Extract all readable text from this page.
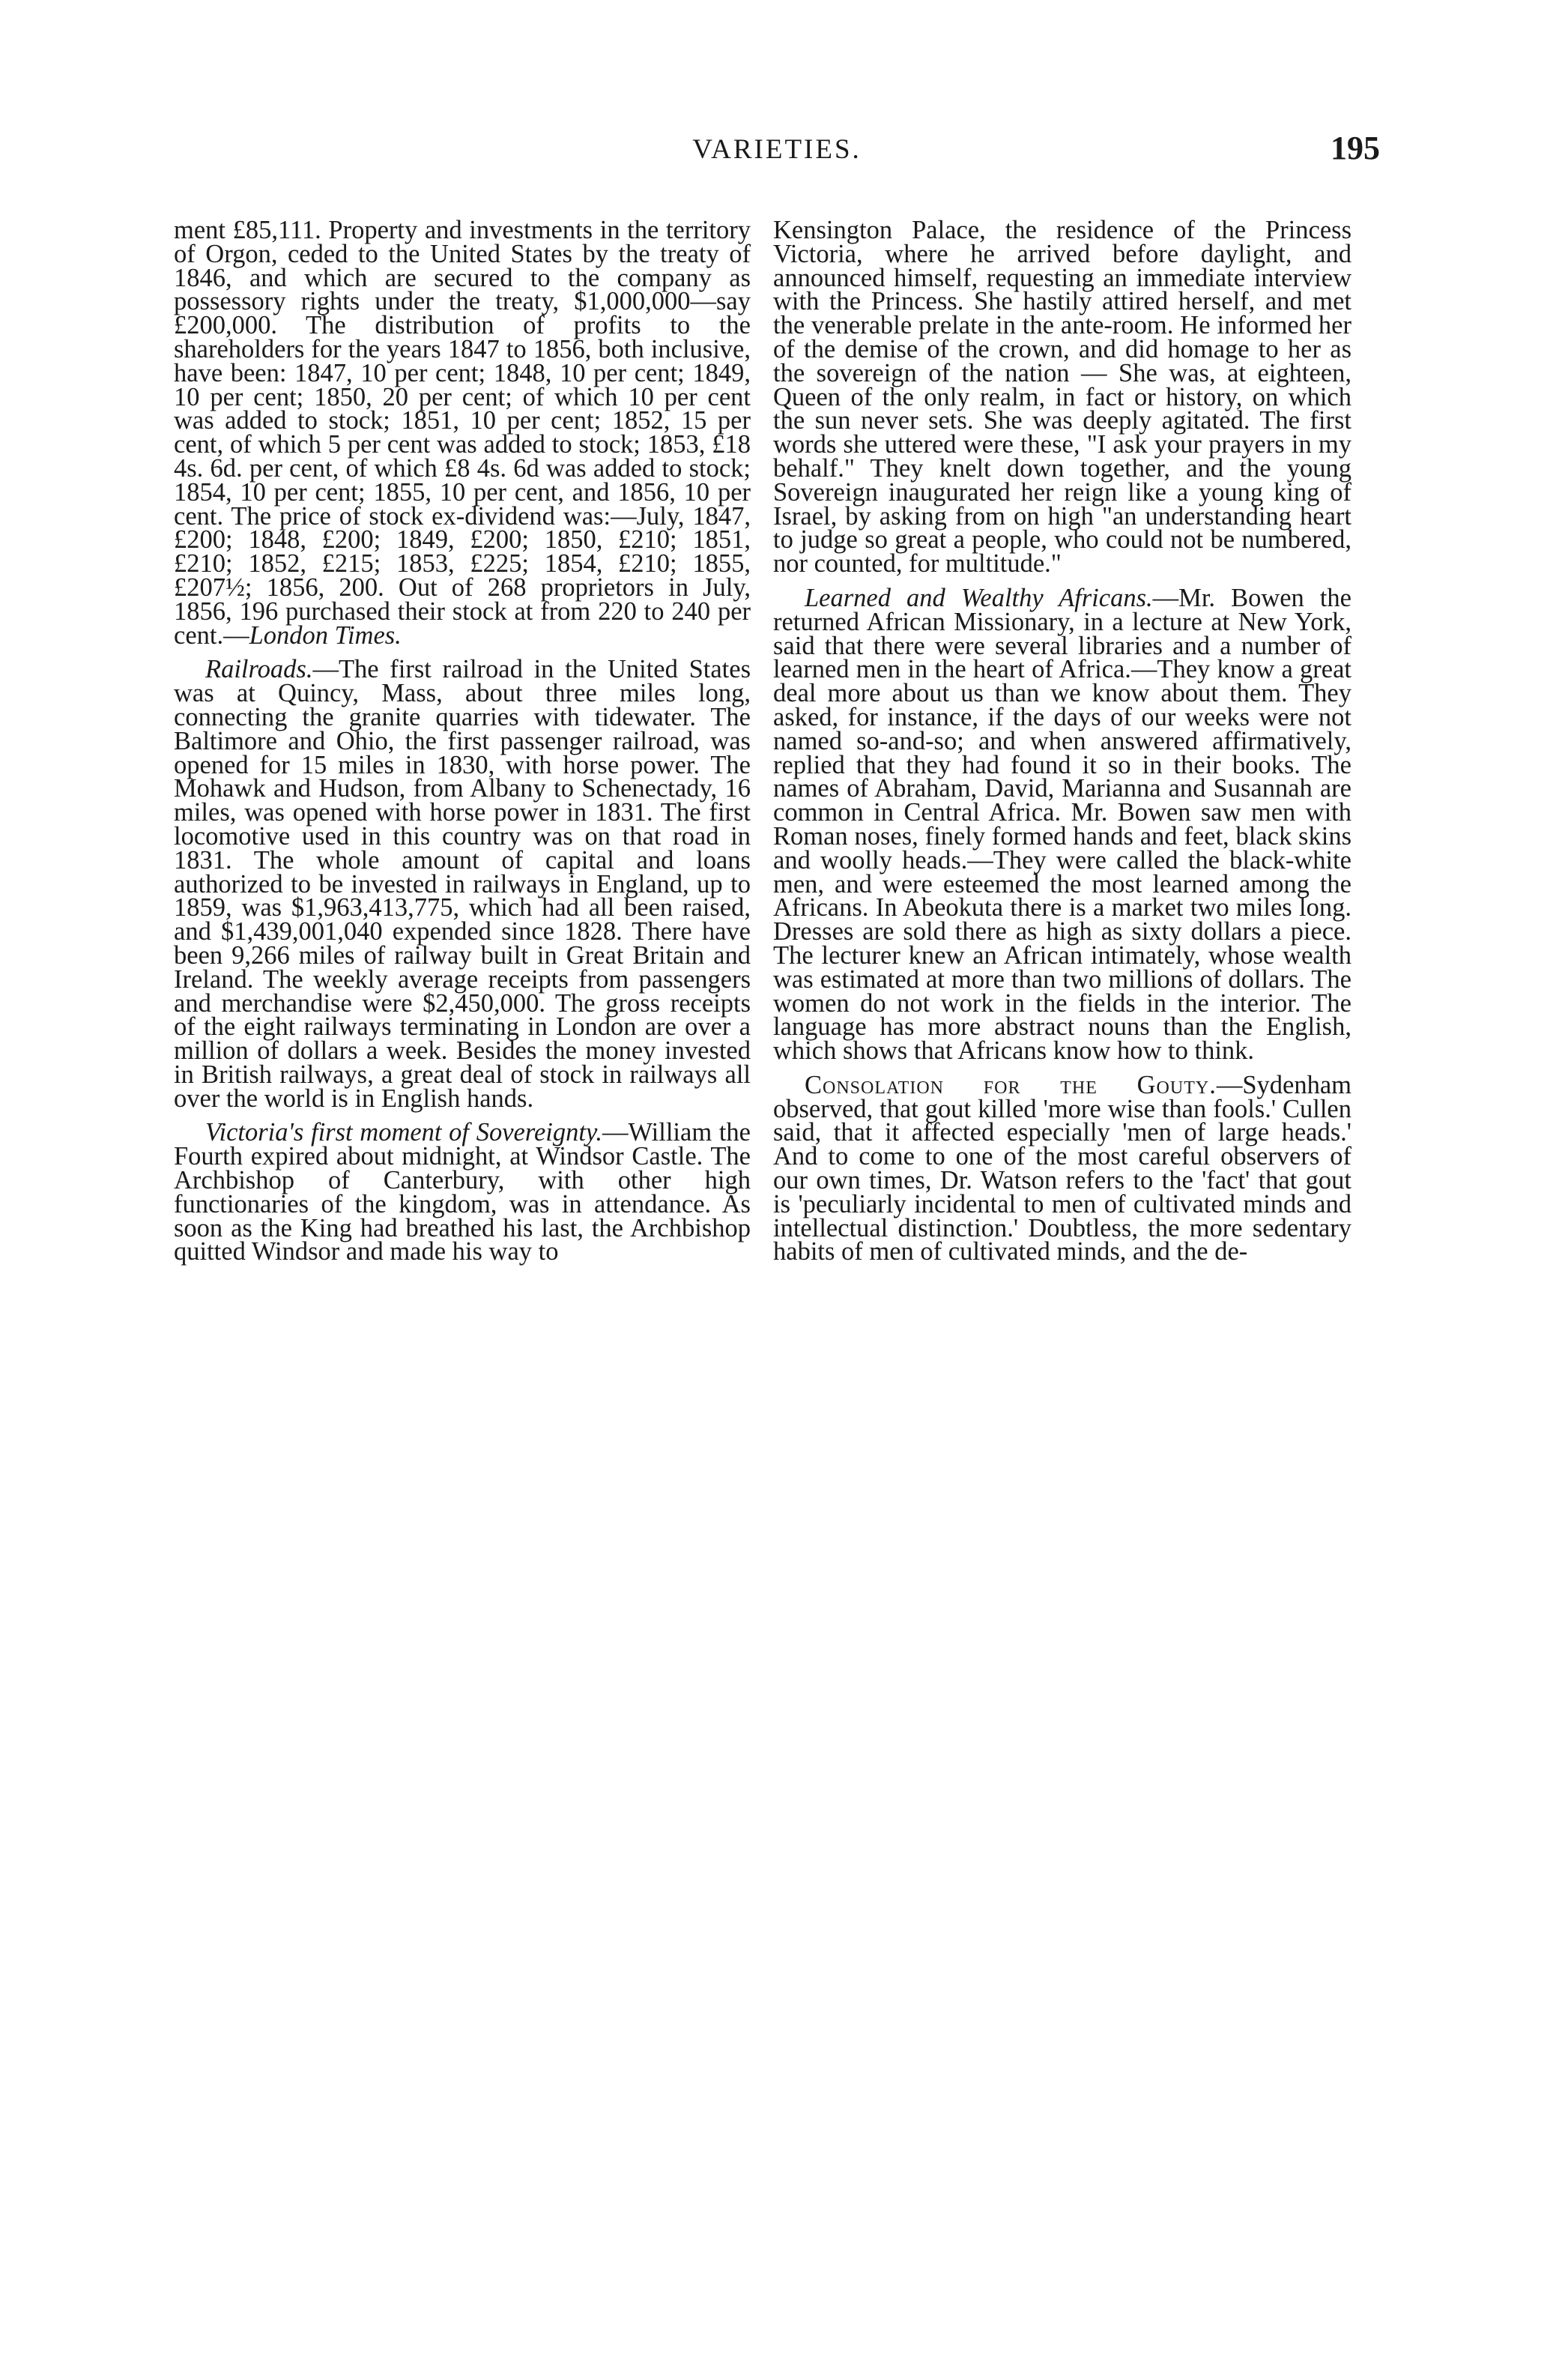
VARIETIES.	195

ment £85,111. Property and investments in the territory of Orgon, ceded to the United States by the treaty of 1846, and which are secured to the company as possessory rights under the treaty, $1,000,000—say £200,000. The distribution of profits to the shareholders for the years 1847 to 1856, both inclusive, have been: 1847, 10 per cent; 1848, 10 per cent; 1849, 10 per cent; 1850, 20 per cent; of which 10 per cent was added to stock; 1851, 10 per cent; 1852, 15 per cent, of which 5 per cent was added to stock; 1853, £18 4s. 6d. per cent, of which £8 4s. 6d was added to stock; 1854, 10 per cent; 1855, 10 per cent, and 1856, 10 per cent. The price of stock ex-dividend was:—July, 1847, £200; 1848, £200; 1849, £200; 1850, £210; 1851, £210; 1852, £215; 1853, £225; 1854, £210; 1855, £207½; 1856, 200. Out of 268 proprietors in July, 1856, 196 purchased their stock at from 220 to 240 per cent.—London Times.

Railroads.—The first railroad in the United States was at Quincy, Mass, about three miles long, connecting the granite quarries with tidewater. The Baltimore and Ohio, the first passenger railroad, was opened for 15 miles in 1830, with horse power. The Mohawk and Hudson, from Albany to Schenectady, 16 miles, was opened with horse power in 1831. The first locomotive used in this country was on that road in 1831. The whole amount of capital and loans authorized to be invested in railways in England, up to 1859, was $1,963,413,775, which had all been raised, and $1,439,001,040 expended since 1828. There have been 9,266 miles of railway built in Great Britain and Ireland. The weekly average receipts from passengers and merchandise were $2,450,000. The gross receipts of the eight railways terminating in London are over a million of dollars a week. Besides the money invested in British railways, a great deal of stock in railways all over the world is in English hands.

Victoria's first moment of Sovereignty.—William the Fourth expired about midnight, at Windsor Castle. The Archbishop of Canterbury, with other high functionaries of the kingdom, was in attendance. As soon as the King had breathed his last, the Archbishop quitted Windsor and made his way to

Kensington Palace, the residence of the Princess Victoria, where he arrived before daylight, and announced himself, requesting an immediate interview with the Princess. She hastily attired herself, and met the venerable prelate in the ante-room. He informed her of the demise of the crown, and did homage to her as the sovereign of the nation — She was, at eighteen, Queen of the only realm, in fact or history, on which the sun never sets. She was deeply agitated. The first words she uttered were these, "I ask your prayers in my behalf." They knelt down together, and the young Sovereign inaugurated her reign like a young king of Israel, by asking from on high "an understanding heart to judge so great a people, who could not be numbered, nor counted, for multitude."

Learned and Wealthy Africans.—Mr. Bowen the returned African Missionary, in a lecture at New York, said that there were several libraries and a number of learned men in the heart of Africa.—They know a great deal more about us than we know about them. They asked, for instance, if the days of our weeks were not named so-and-so; and when answered affirmatively, replied that they had found it so in their books. The names of Abraham, David, Marianna and Susannah are common in Central Africa. Mr. Bowen saw men with Roman noses, finely formed hands and feet, black skins and woolly heads.—They were called the black-white men, and were esteemed the most learned among the Africans. In Abeokuta there is a market two miles long. Dresses are sold there as high as sixty dollars a piece. The lecturer knew an African intimately, whose wealth was estimated at more than two millions of dollars. The women do not work in the fields in the interior. The language has more abstract nouns than the English, which shows that Africans know how to think.

Consolation for the Gouty.—Sydenham observed, that gout killed 'more wise than fools.' Cullen said, that it affected especially 'men of large heads.' And to come to one of the most careful observers of our own times, Dr. Watson refers to the 'fact' that gout is 'peculiarly incidental to men of cultivated minds and intellectual distinction.' Doubtless, the more sedentary habits of men of cultivated minds, and the de-
